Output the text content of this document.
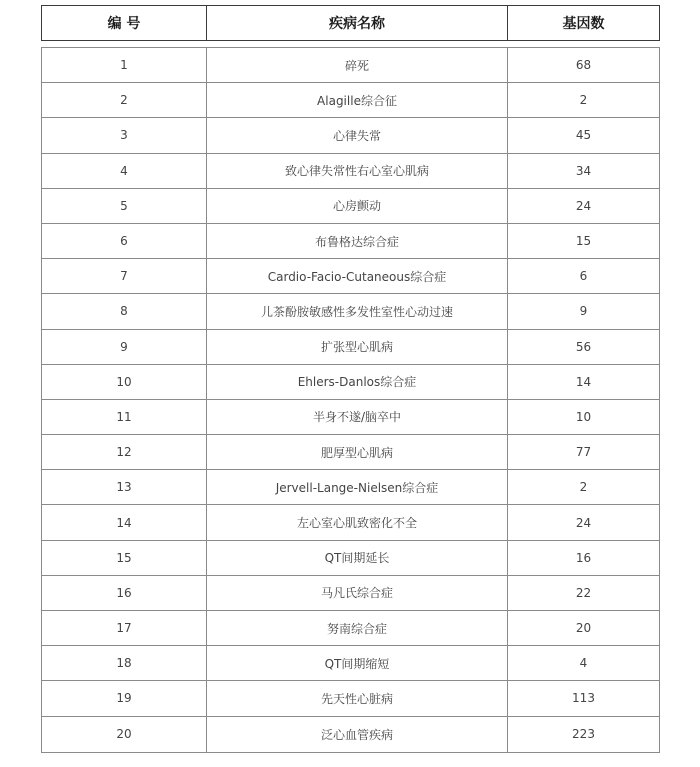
编 号	疾病名称	基因数
1	碎死	68
2	Alagille综合征	2
3	心律失常	45
4	致心律失常性右心室心肌病	34
5	心房颤动	24
6	布鲁格达综合症	15
7	Cardio-Facio-Cutaneous综合症	6
8	儿茶酚胺敏感性多发性室性心动过速	9
9	扩张型心肌病	56
10	Ehlers-Danlos综合症	14
11	半身不遂/脑卒中	10
12	肥厚型心肌病	77
13	Jervell-Lange-Nielsen综合症	2
14	左心室心肌致密化不全	24
15	QT间期延长	16
16	马凡氏综合症	22
17	努南综合症	20
18	QT间期缩短	4
19	先天性心脏病	113
20	泛心血管疾病	223
